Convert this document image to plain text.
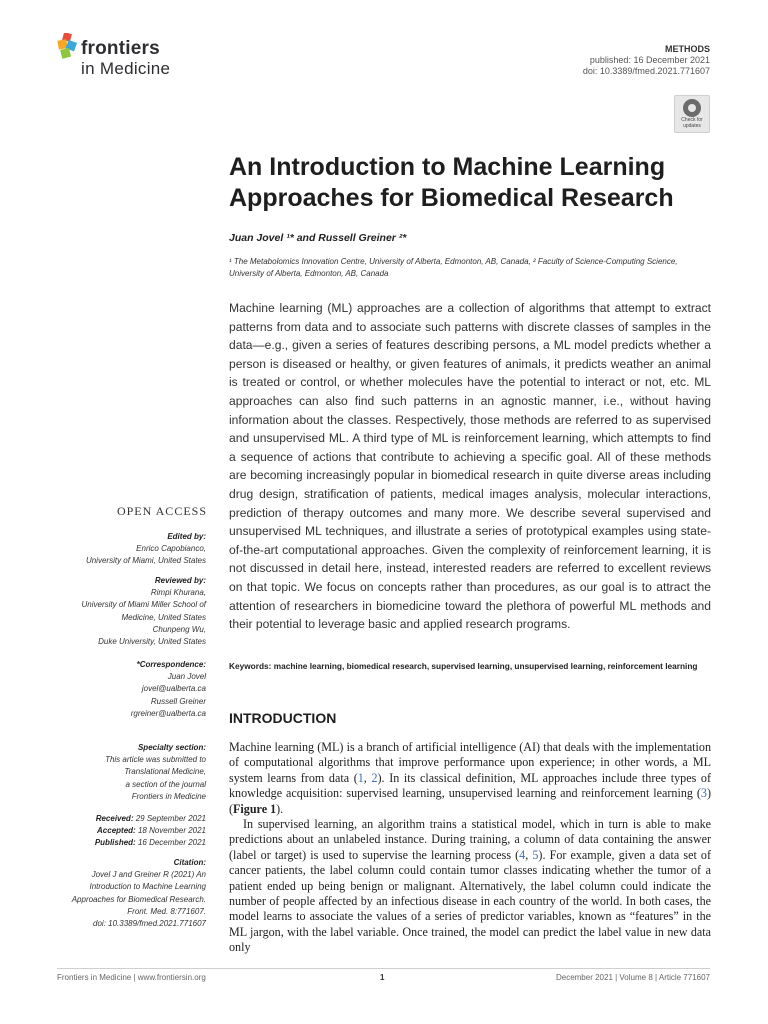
frontiers
in Medicine
METHODS
published: 16 December 2021
doi: 10.3389/fmed.2021.771607
Check for updates
An Introduction to Machine Learning Approaches for Biomedical Research
Juan Jovel ¹* and Russell Greiner ²*
¹ The Metabolomics Innovation Centre, University of Alberta, Edmonton, AB, Canada, ² Faculty of Science-Computing Science, University of Alberta, Edmonton, AB, Canada
Machine learning (ML) approaches are a collection of algorithms that attempt to extract patterns from data and to associate such patterns with discrete classes of samples in the data—e.g., given a series of features describing persons, a ML model predicts whether a person is diseased or healthy, or given features of animals, it predicts weather an animal is treated or control, or whether molecules have the potential to interact or not, etc. ML approaches can also find such patterns in an agnostic manner, i.e., without having information about the classes. Respectively, those methods are referred to as supervised and unsupervised ML. A third type of ML is reinforcement learning, which attempts to find a sequence of actions that contribute to achieving a specific goal. All of these methods are becoming increasingly popular in biomedical research in quite diverse areas including drug design, stratification of patients, medical images analysis, molecular interactions, prediction of therapy outcomes and many more. We describe several supervised and unsupervised ML techniques, and illustrate a series of prototypical examples using state-of-the-art computational approaches. Given the complexity of reinforcement learning, it is not discussed in detail here, instead, interested readers are referred to excellent reviews on that topic. We focus on concepts rather than procedures, as our goal is to attract the attention of researchers in biomedicine toward the plethora of powerful ML methods and their potential to leverage basic and applied research programs.
Keywords: machine learning, biomedical research, supervised learning, unsupervised learning, reinforcement learning
OPEN ACCESS
Edited by:
Enrico Capobianco,
University of Miami, United States
Reviewed by:
Rimpi Khurana,
University of Miami Miller School of
Medicine, United States
Chunpeng Wu,
Duke University, United States
*Correspondence:
Juan Jovel
jovel@ualberta.ca
Russell Greiner
rgreiner@ualberta.ca
Specialty section:
This article was submitted to
Translational Medicine,
a section of the journal
Frontiers in Medicine
Received: 29 September 2021
Accepted: 18 November 2021
Published: 16 December 2021
Citation:
Jovel J and Greiner R (2021) An
Introduction to Machine Learning
Approaches for Biomedical Research.
Front. Med. 8:771607.
doi: 10.3389/fmed.2021.771607
INTRODUCTION

Machine learning (ML) is a branch of artificial intelligence (AI) that deals with the implementation of computational algorithms that improve performance upon experience; in other words, a ML system learns from data (1, 2). In its classical definition, ML approaches include three types of knowledge acquisition: supervised learning, unsupervised learning and reinforcement learning (3) (Figure 1).

In supervised learning, an algorithm trains a statistical model, which in turn is able to make predictions about an unlabeled instance. During training, a column of data containing the answer (label or target) is used to supervise the learning process (4, 5). For example, given a data set of cancer patients, the label column could contain tumor classes indicating whether the tumor of a patient ended up being benign or malignant. Alternatively, the label column could indicate the number of people affected by an infectious disease in each country of the world. In both cases, the model learns to associate the values of a series of predictor variables, known as “features” in the ML jargon, with the label variable. Once trained, the model can predict the label value in new data only

Frontiers in Medicine | www.frontiersin.org	1	December 2021 | Volume 8 | Article 771607
